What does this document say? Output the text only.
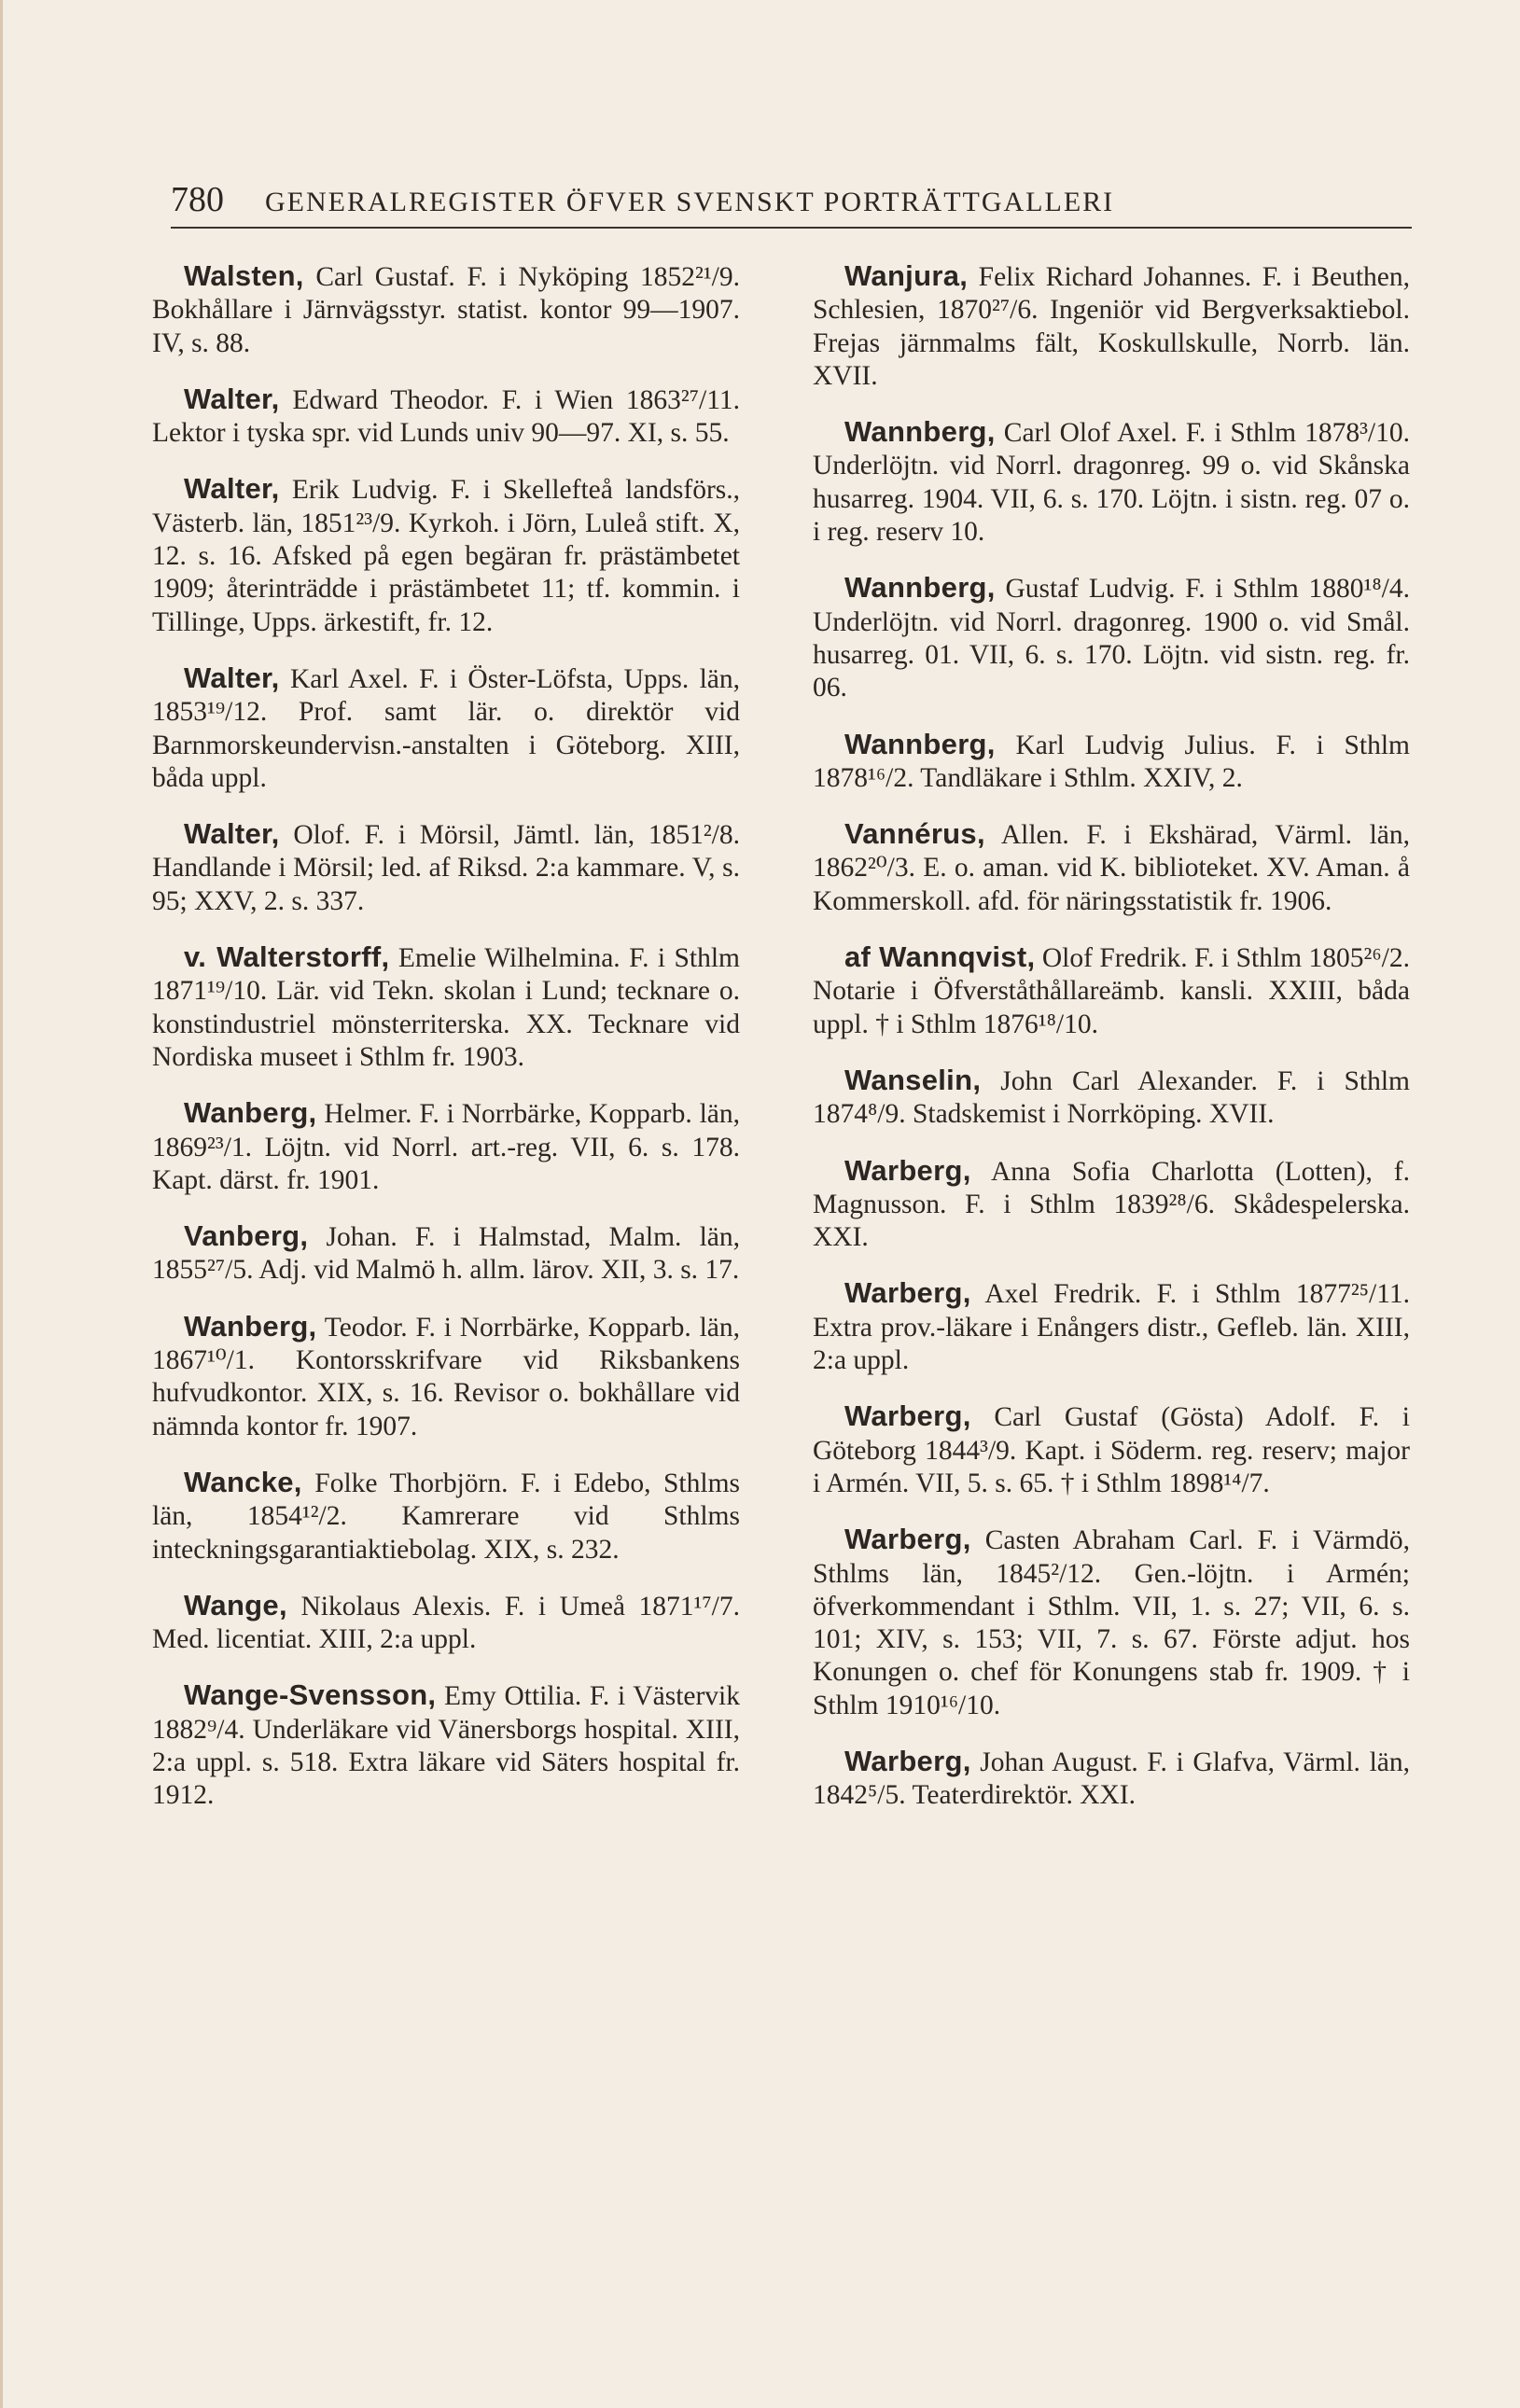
780 GENERALREGISTER ÖFVER SVENSKT PORTRÄTTGALLERI

Walsten, Carl Gustaf. F. i Nyköping 1852²¹/9. Bokhållare i Järnvägsstyr. statist. kontor 99—1907. IV, s. 88.

Walter, Edward Theodor. F. i Wien 1863²⁷/11. Lektor i tyska spr. vid Lunds univ 90—97. XI, s. 55.

Walter, Erik Ludvig. F. i Skellefteå landsförs., Västerb. län, 1851²³/9. Kyrkoh. i Jörn, Luleå stift. X, 12. s. 16. Afsked på egen begäran fr. prästämbetet 1909; återinträdde i prästämbetet 11; tf. kommin. i Tillinge, Upps. ärkestift, fr. 12.

Walter, Karl Axel. F. i Öster-Löfsta, Upps. län, 1853¹⁹/12. Prof. samt lär. o. direktör vid Barnmorskeundervisn.-anstalten i Göteborg. XIII, båda uppl.

Walter, Olof. F. i Mörsil, Jämtl. län, 1851²/8. Handlande i Mörsil; led. af Riksd. 2:a kammare. V, s. 95; XXV, 2. s. 337.

v. Walterstorff, Emelie Wilhelmina. F. i Sthlm 1871¹⁹/10. Lär. vid Tekn. skolan i Lund; tecknare o. konstindustriel mönsterriterska. XX. Tecknare vid Nordiska museet i Sthlm fr. 1903.

Wanberg, Helmer. F. i Norrbärke, Kopparb. län, 1869²³/1. Löjtn. vid Norrl. art.-reg. VII, 6. s. 178. Kapt. därst. fr. 1901.

Vanberg, Johan. F. i Halmstad, Malm. län, 1855²⁷/5. Adj. vid Malmö h. allm. lärov. XII, 3. s. 17.

Wanberg, Teodor. F. i Norrbärke, Kopparb. län, 1867¹⁰/1. Kontorsskrifvare vid Riksbankens hufvudkontor. XIX, s. 16. Revisor o. bokhållare vid nämnda kontor fr. 1907.

Wancke, Folke Thorbjörn. F. i Edebo, Sthlms län, 1854¹²/2. Kamrerare vid Sthlms inteckningsgarantiaktiebolag. XIX, s. 232.

Wange, Nikolaus Alexis. F. i Umeå 1871¹⁷/7. Med. licentiat. XIII, 2:a uppl.

Wange-Svensson, Emy Ottilia. F. i Västervik 1882⁹/4. Underläkare vid Vänersborgs hospital. XIII, 2:a uppl. s. 518. Extra läkare vid Säters hospital fr. 1912.

Wanjura, Felix Richard Johannes. F. i Beuthen, Schlesien, 1870²⁷/6. Ingeniör vid Bergverksaktiebol. Frejas järnmalms fält, Koskullskulle, Norrb. län. XVII.

Wannberg, Carl Olof Axel. F. i Sthlm 1878³/10. Underlöjtn. vid Norrl. dragonreg. 99 o. vid Skånska husarreg. 1904. VII, 6. s. 170. Löjtn. i sistn. reg. 07 o. i reg. reserv 10.

Wannberg, Gustaf Ludvig. F. i Sthlm 1880¹⁸/4. Underlöjtn. vid Norrl. dragonreg. 1900 o. vid Smål. husarreg. 01. VII, 6. s. 170. Löjtn. vid sistn. reg. fr. 06.

Wannberg, Karl Ludvig Julius. F. i Sthlm 1878¹⁶/2. Tandläkare i Sthlm. XXIV, 2.

Vannérus, Allen. F. i Ekshärad, Värml. län, 1862²⁰/3. E. o. aman. vid K. biblioteket. XV. Aman. å Kommerskoll. afd. för näringsstatistik fr. 1906.

af Wannqvist, Olof Fredrik. F. i Sthlm 1805²⁶/2. Notarie i Öfverståthållareämb. kansli. XXIII, båda uppl. † i Sthlm 1876¹⁸/10.

Wanselin, John Carl Alexander. F. i Sthlm 1874⁸/9. Stadskemist i Norrköping. XVII.

Warberg, Anna Sofia Charlotta (Lotten), f. Magnusson. F. i Sthlm 1839²⁸/6. Skådespelerska. XXI.

Warberg, Axel Fredrik. F. i Sthlm 1877²⁵/11. Extra prov.-läkare i Enångers distr., Gefleb. län. XIII, 2:a uppl.

Warberg, Carl Gustaf (Gösta) Adolf. F. i Göteborg 1844³/9. Kapt. i Söderm. reg. reserv; major i Armén. VII, 5. s. 65. † i Sthlm 1898¹⁴/7.

Warberg, Casten Abraham Carl. F. i Värmdö, Sthlms län, 1845²/12. Gen.-löjtn. i Armén; öfverkommendant i Sthlm. VII, 1. s. 27; VII, 6. s. 101; XIV, s. 153; VII, 7. s. 67. Förste adjut. hos Konungen o. chef för Konungens stab fr. 1909. † i Sthlm 1910¹⁶/10.

Warberg, Johan August. F. i Glafva, Värml. län, 1842⁵/5. Teaterdirektör. XXI.
